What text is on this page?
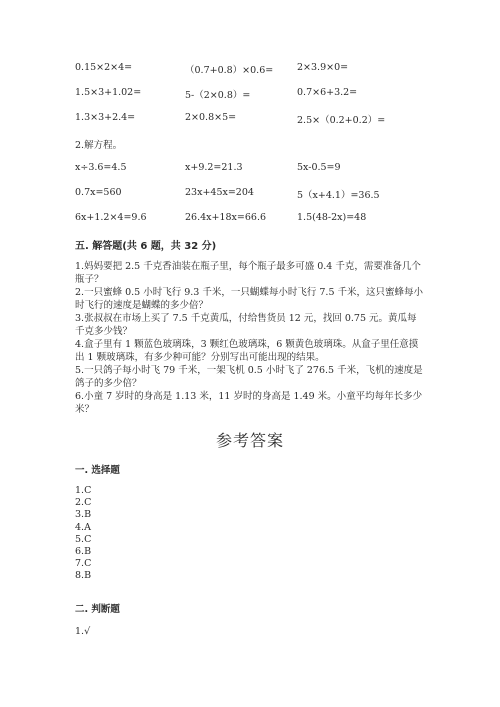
0.15×2×4=	（0.7+0.8）×0.6=	2×3.9×0=
1.5×3+1.02=	5-（2×0.8）=	0.7×6+3.2=
1.3×3+2.4=	2×0.8×5=	2.5×（0.2+0.2）=
2.解方程。
x÷3.6=4.5	x+9.2=21.3	5x-0.5=9
0.7x=560	23x+45x=204	5（x+4.1）=36.5
6x+1.2×4=9.6	26.4x+18x=66.6	1.5(48-2x)=48
五. 解答题(共 6 题，共 32 分)
1.妈妈要把 2.5 千克香油装在瓶子里，每个瓶子最多可盛 0.4 千克，需要准备几个瓶子？
2.一只蜜蜂 0.5 小时飞行 9.3 千米，一只蝴蝶每小时飞行 7.5 千米，这只蜜蜂每小时飞行的速度是蝴蝶的多少倍？
3.张叔叔在市场上买了 7.5 千克黄瓜，付给售货员 12 元，找回 0.75 元。黄瓜每千克多少钱？
4.盒子里有 1 颗蓝色玻璃珠，3 颗红色玻璃珠，6 颗黄色玻璃珠。从盒子里任意摸出 1 颗玻璃珠，有多少种可能？分别写出可能出现的结果。
5.一只鸽子每小时飞 79 千米，一架飞机 0.5 小时飞了 276.5 千米，飞机的速度是鸽子的多少倍？
6.小童 7 岁时的身高是 1.13 米，11 岁时的身高是 1.49 米。小童平均每年长多少米？
参考答案
一. 选择题
1.C
2.C
3.B
4.A
5.C
6.B
7.C
8.B
二. 判断题
1.√
